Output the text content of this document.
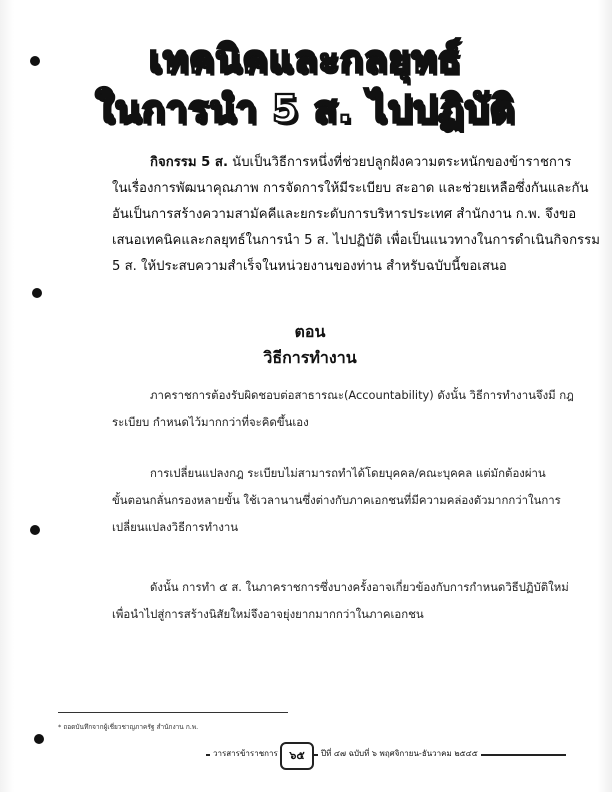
เทคนิคและกลยุทธ์
ในการนำ 5 ส. ไปปฏิบัติ
กิจกรรม 5 ส. นับเป็นวิธีการหนึ่งที่ช่วยปลูกฝังความตระหนักของข้าราชการ
ในเรื่องการพัฒนาคุณภาพ การจัดการให้มีระเบียบ สะอาด และช่วยเหลือซึ่งกันและกัน
อันเป็นการสร้างความสามัคคีและยกระดับการบริหารประเทศ สำนักงาน ก.พ. จึงขอ
เสนอเทคนิคและกลยุทธ์ในการนำ 5 ส. ไปปฏิบัติ เพื่อเป็นแนวทางในการดำเนินกิจกรรม
5 ส. ให้ประสบความสำเร็จในหน่วยงานของท่าน สำหรับฉบับนี้ขอเสนอ
ตอน
วิธีการทำงาน
ภาคราชการต้องรับผิดชอบต่อสาธารณะ(Accountability) ดังนั้น วิธีการทำงานจึงมี กฎ
ระเบียบ กำหนดไว้มากกว่าที่จะคิดขึ้นเอง
การเปลี่ยนแปลงกฎ ระเบียบไม่สามารถทำได้โดยบุคคล/คณะบุคคล แต่มักต้องผ่าน
ขั้นตอนกลั่นกรองหลายขั้น ใช้เวลานานซึ่งต่างกับภาคเอกชนที่มีความคล่องตัวมากกว่าในการ
เปลี่ยนแปลงวิธีการทำงาน
ดังนั้น การทำ ๕ ส. ในภาคราชการซึ่งบางครั้งอาจเกี่ยวข้องกับการกำหนดวิธีปฏิบัติใหม่
เพื่อนำไปสู่การสร้างนิสัยใหม่จึงอาจยุ่งยากมากกว่าในภาคเอกชน
* ถอดบันทึกจากผู้เชี่ยวชาญภาครัฐ สำนักงาน ก.พ.
วารสารข้าราชการ	๖๕	ปีที่ ๔๗ ฉบับที่ ๖ พฤศจิกายน-ธันวาคม ๒๕๔๕
